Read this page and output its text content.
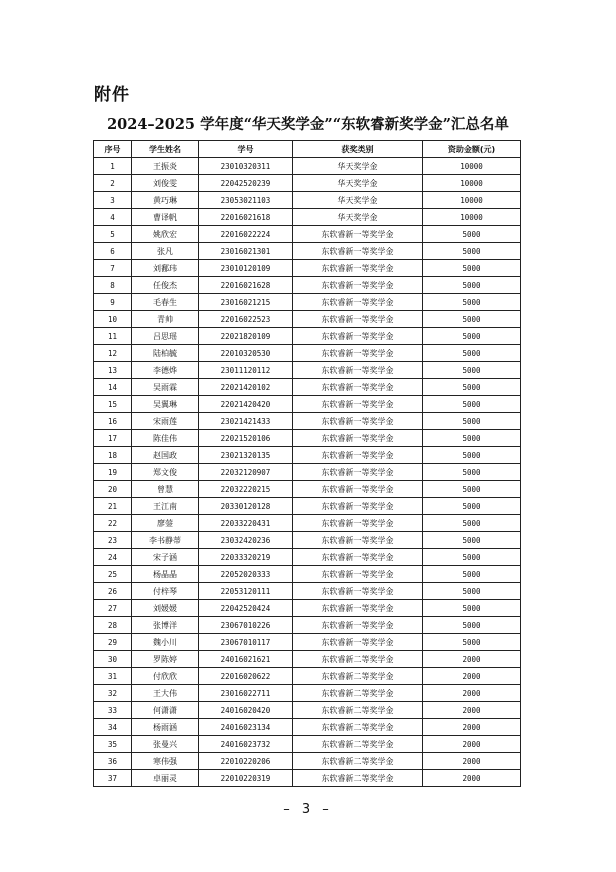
附件
2024–2025 学年度“华天奖学金”“东软睿新奖学金”汇总名单
序号	学生姓名	学号	获奖类别	资助金额(元)
1	王振炎	23010320311	华天奖学金	10000
2	刘俊雯	22042520239	华天奖学金	10000
3	黄巧琳	23053021103	华天奖学金	10000
4	曹译帆	22016021618	华天奖学金	10000
5	姚欣宏	22016022224	东软睿新一等奖学金	5000
6	张凡	23016021301	东软睿新一等奖学金	5000
7	刘鄱玮	23010120109	东软睿新一等奖学金	5000
8	任俊杰	22016021628	东软睿新一等奖学金	5000
9	毛春生	23016021215	东软睿新一等奖学金	5000
10	青帅	22016022523	东软睿新一等奖学金	5000
11	吕思瑶	22021820109	东软睿新一等奖学金	5000
12	陆柏毓	22010320530	东软睿新一等奖学金	5000
13	李德烨	23011120112	东软睿新一等奖学金	5000
14	吴雨霖	22021420102	东软睿新一等奖学金	5000
15	吴翼琳	22021420420	东软睿新一等奖学金	5000
16	宋雨莲	23021421433	东软睿新一等奖学金	5000
17	陈佳伟	22021520106	东软睿新一等奖学金	5000
18	赵国政	23021320135	东软睿新一等奖学金	5000
19	郑文俊	22032120907	东软睿新一等奖学金	5000
20	曾慧	22032220215	东软睿新一等奖学金	5000
21	王江南	20330120128	东软睿新一等奖学金	5000
22	廖蓥	22033220431	东软睿新一等奖学金	5000
23	李书静蒂	23032420236	东软睿新一等奖学金	5000
24	宋子涵	22033320219	东软睿新一等奖学金	5000
25	杨晶晶	22052020333	东软睿新一等奖学金	5000
26	付梓琴	22053120111	东软睿新一等奖学金	5000
27	刘媛媛	22042520424	东软睿新一等奖学金	5000
28	张博洋	23067010226	东软睿新一等奖学金	5000
29	魏小川	23067010117	东软睿新一等奖学金	5000
30	罗陈婷	24016021621	东软睿新二等奖学金	2000
31	付欣欣	22016020622	东软睿新二等奖学金	2000
32	王大伟	23016022711	东软睿新二等奖学金	2000
33	何潇潇	24016020420	东软睿新二等奖学金	2000
34	杨雨涵	24016023134	东软睿新二等奖学金	2000
35	张曼兴	24016023732	东软睿新二等奖学金	2000
36	寒伟强	22010220206	东软睿新二等奖学金	2000
37	卓丽灵	22010220319	东软睿新二等奖学金	2000
– 3 –
